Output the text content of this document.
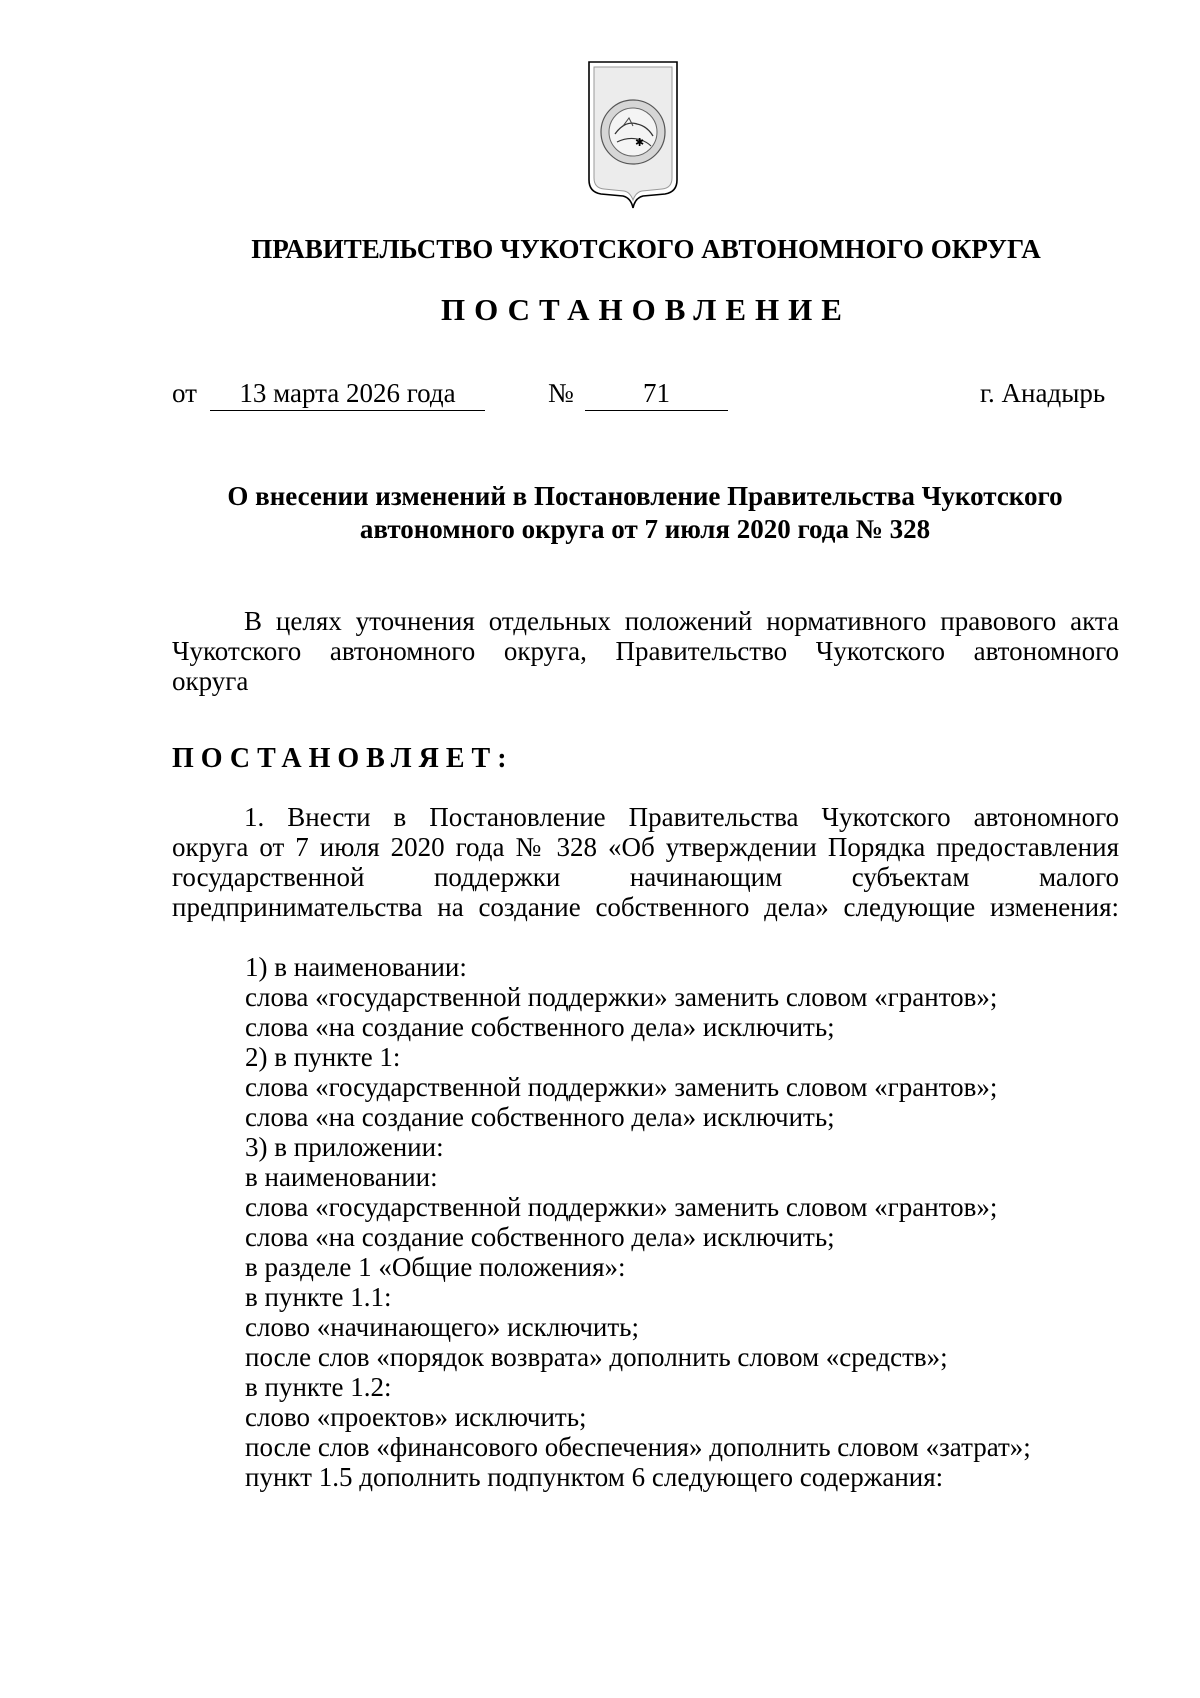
✱
ПРАВИТЕЛЬСТВО ЧУКОТСКОГО АВТОНОМНОГО ОКРУГА
ПОСТАНОВЛЕНИЕ
от	13 марта 2026 года	№	71	г. Анадырь
О внесении изменений в Постановление Правительства Чукотского
автономного округа от 7 июля 2020 года № 328
В целях уточнения отдельных положений нормативного правового акта
Чукотского автономного округа, Правительство Чукотского автономного
округа
ПОСТАНОВЛЯЕТ:
1. Внести в Постановление Правительства Чукотского автономного
округа от 7 июля 2020 года № 328 «Об утверждении Порядка предоставления
государственной поддержки начинающим субъектам малого
предпринимательства на создание собственного дела» следующие изменения:
1) в наименовании:
слова «государственной поддержки» заменить словом «грантов»;
слова «на создание собственного дела» исключить;
2) в пункте 1:
слова «государственной поддержки» заменить словом «грантов»;
слова «на создание собственного дела» исключить;
3) в приложении:
в наименовании:
слова «государственной поддержки» заменить словом «грантов»;
слова «на создание собственного дела» исключить;
в разделе 1 «Общие положения»:
в пункте 1.1:
слово «начинающего» исключить;
после слов «порядок возврата» дополнить словом «средств»;
в пункте 1.2:
слово «проектов» исключить;
после слов «финансового обеспечения» дополнить словом «затрат»;
пункт 1.5 дополнить подпунктом 6 следующего содержания:
